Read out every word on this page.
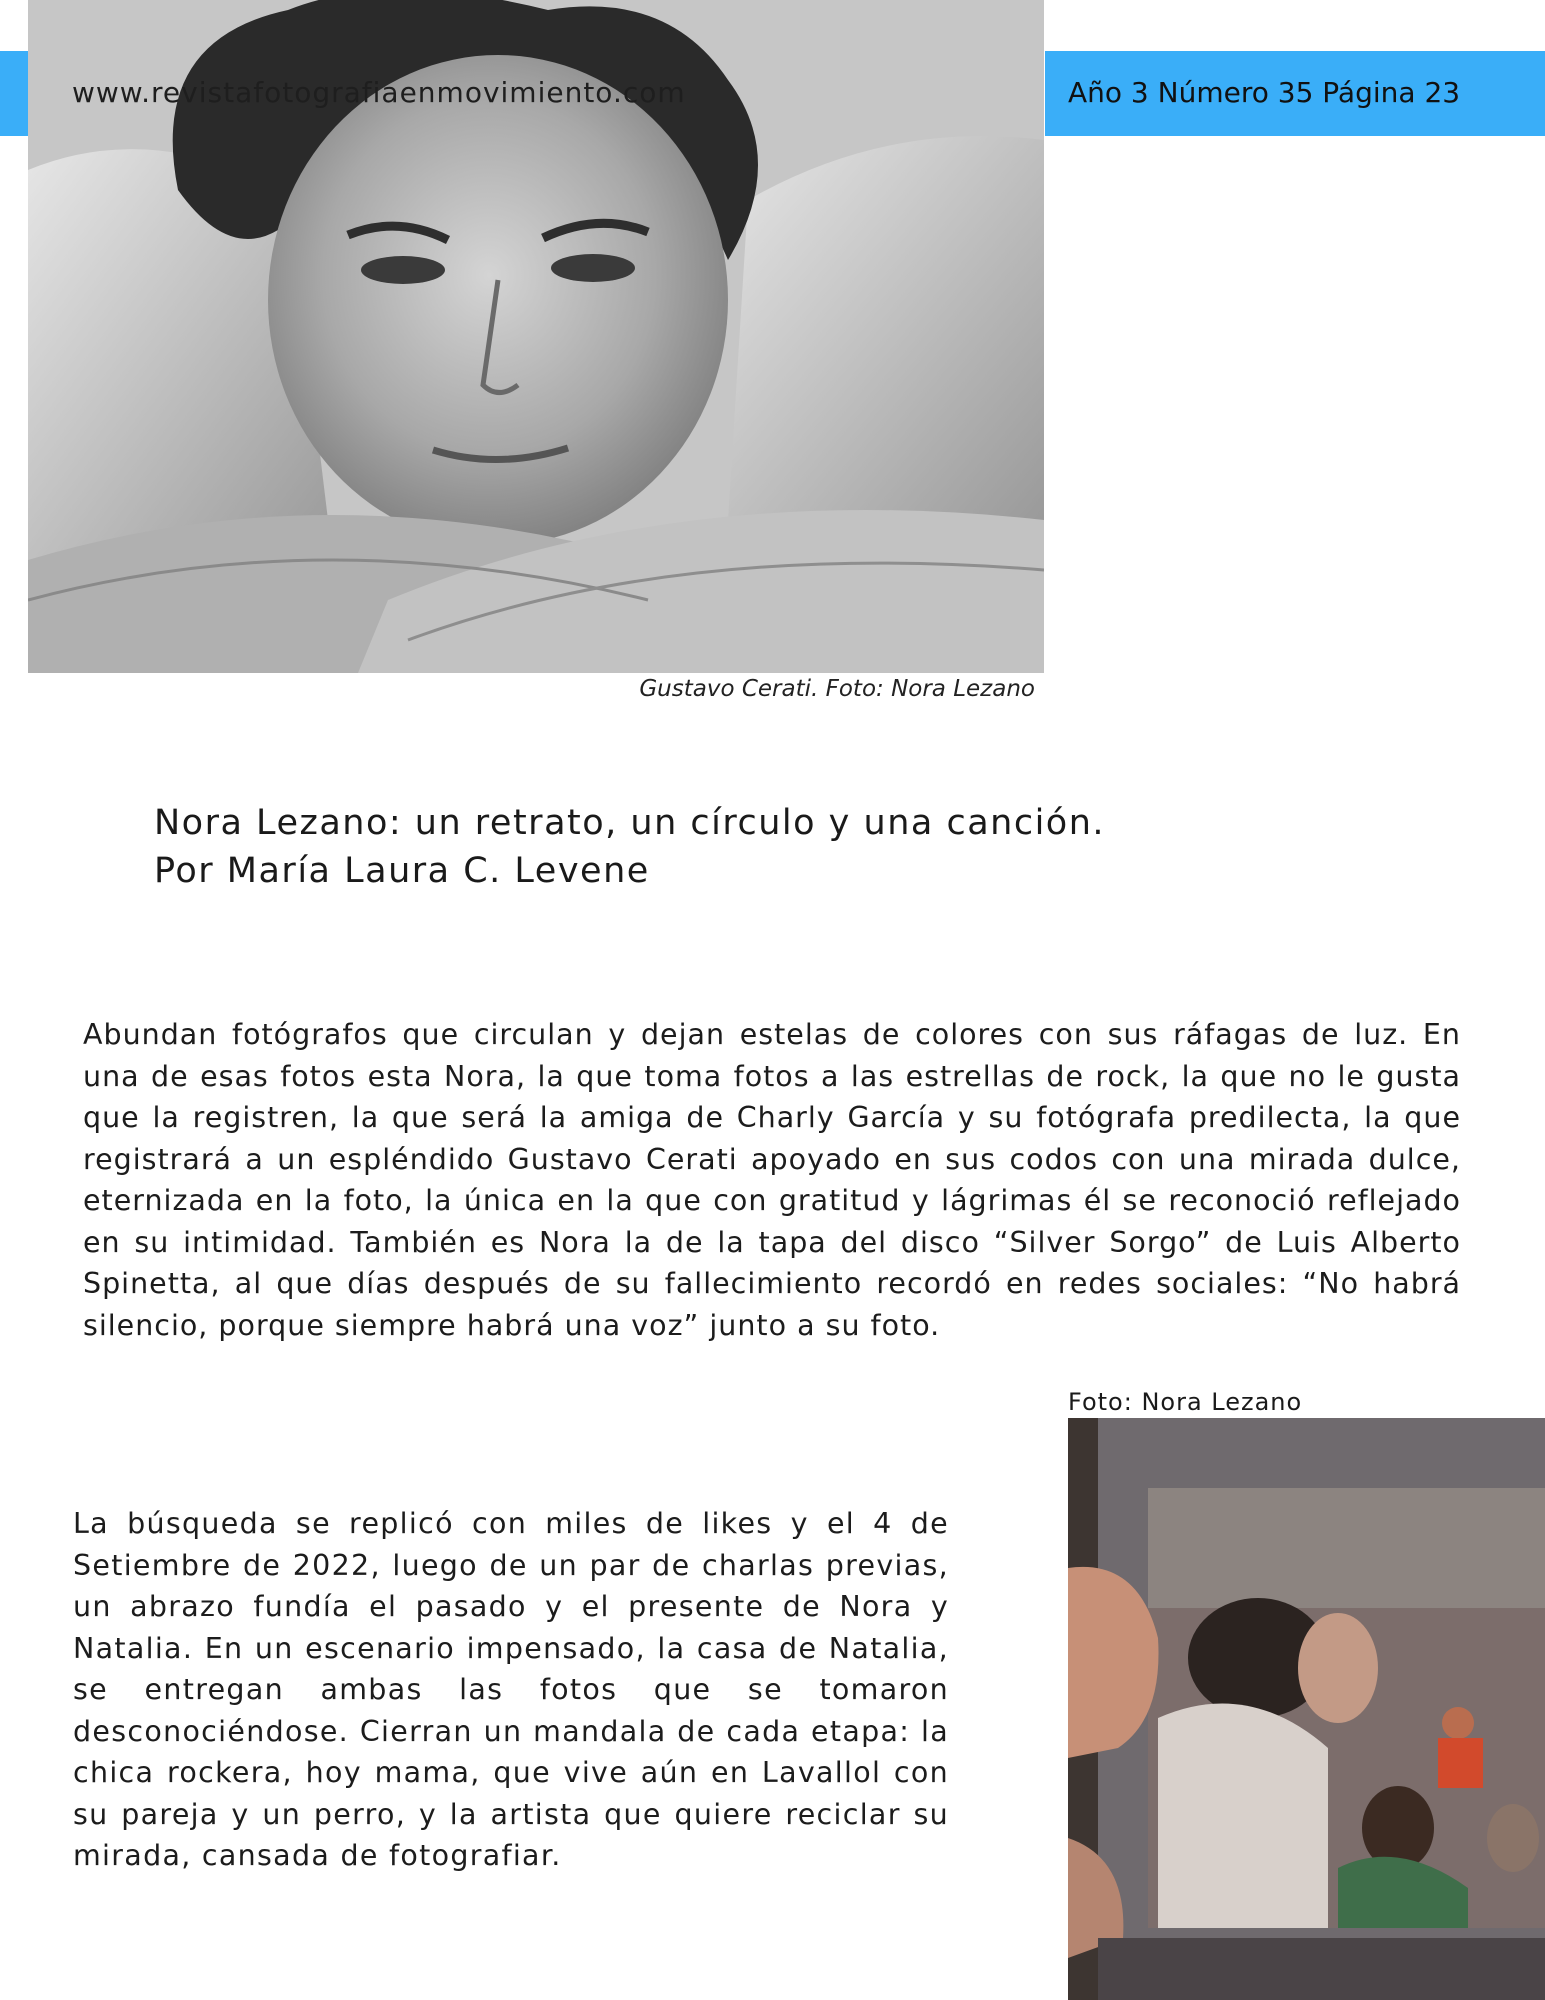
www.revistafotografiaenmovimiento.com	Año 3 Número 35 Página 23
Gustavo Cerati. Foto: Nora Lezano
Nora Lezano: un retrato, un círculo y una canción.
Por María Laura C. Levene
Abundan fotógrafos que circulan y dejan estelas de colores con sus ráfagas de luz. En una de esas fotos esta Nora, la que toma fotos a las estrellas de rock, la que no le gusta que la registren, la que será la amiga de Charly García y su fotógrafa predilecta, la que registrará a un espléndido Gustavo Cerati apoyado en sus codos con una mirada dulce, eternizada en la foto, la única en la que con gratitud y lágrimas él se reconoció reflejado en su intimidad. También es Nora la de la tapa del disco “Silver Sorgo” de Luis Alberto Spinetta, al que días después de su fallecimiento recordó en redes sociales: “No habrá silencio, porque siempre habrá una voz” junto a su foto.
Foto: Nora Lezano
La búsqueda se replicó con miles de likes y el 4 de Setiembre de 2022, luego de un par de charlas previas, un abrazo fundía el pasado y el presente de Nora y Natalia. En un escenario impensado, la casa de Natalia, se entregan ambas las fotos que se tomaron desconociéndose. Cierran un mandala de cada etapa: la chica rockera, hoy mama, que vive aún en Lavallol con su pareja y un perro, y la artista que quiere reciclar su mirada, cansada de fotografiar.
